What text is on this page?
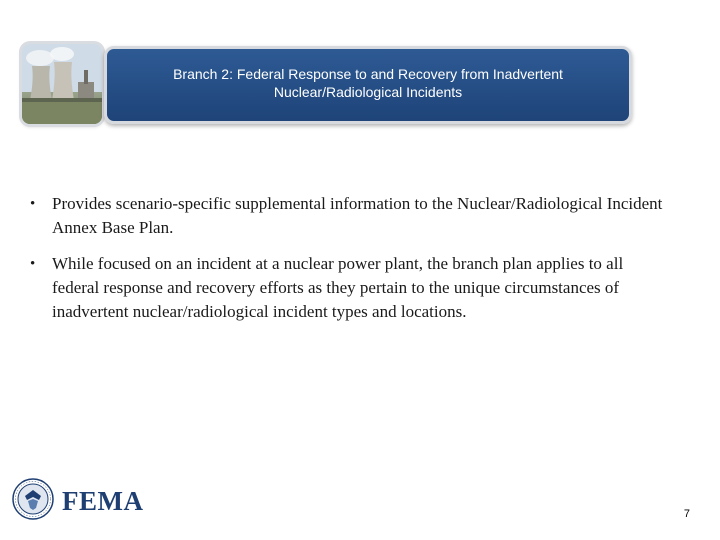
Branch 2: Federal Response to and Recovery from Inadvertent
Nuclear/Radiological Incidents
• Provides scenario-specific supplemental information to the Nuclear/Radiological Incident Annex Base Plan.
• While focused on an incident at a nuclear power plant, the branch plan applies to all federal response and recovery efforts as they pertain to the unique circumstances of inadvertent nuclear/radiological incident types and locations.
FEMA	7
